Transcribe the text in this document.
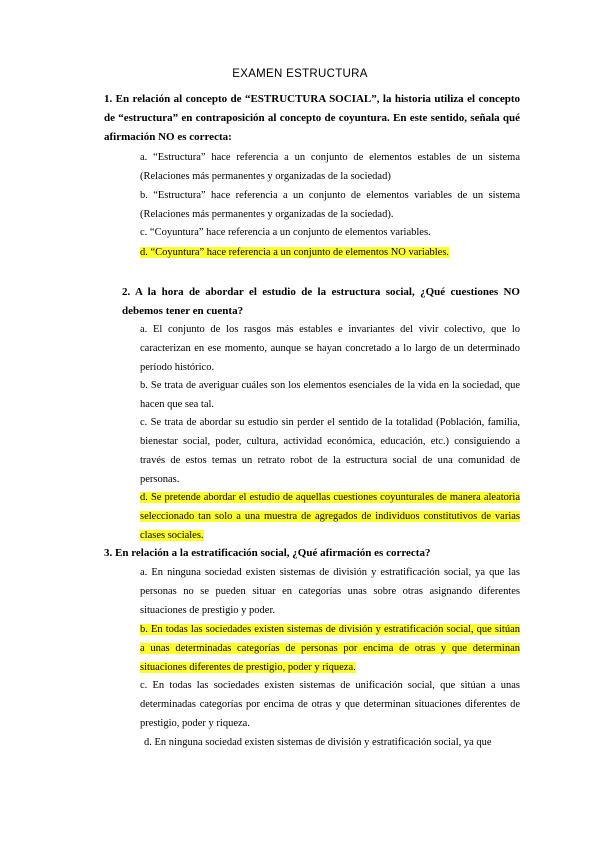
EXAMEN ESTRUCTURA
1. En relación al concepto de “ESTRUCTURA SOCIAL”, la historia utiliza el concepto de “estructura” en contraposición al concepto de coyuntura. En este sentido, señala qué afirmación NO es correcta:
a. “Estructura” hace referencia a un conjunto de elementos estables de un sistema (Relaciones más permanentes y organizadas de la sociedad)
b. “Estructura” hace referencia a un conjunto de elementos variables de un sistema (Relaciones más permanentes y organizadas de la sociedad).
c. “Coyuntura” hace referencia a un conjunto de elementos variables.
d. “Coyuntura” hace referencia a un conjunto de elementos NO variables.
2. A la hora de abordar el estudio de la estructura social, ¿Qué cuestiones NO debemos tener en cuenta?
a. El conjunto de los rasgos más estables e invariantes del vivir colectivo, que lo caracterizan en ese momento, aunque se hayan concretado a lo largo de un determinado período histórico.
b. Se trata de averiguar cuáles son los elementos esenciales de la vida en la sociedad, que hacen que sea tal.
c. Se trata de abordar su estudio sin perder el sentido de la totalidad (Población, familia, bienestar social, poder, cultura, actividad económica, educación, etc.) consiguiendo a través de estos temas un retrato robot de la estructura social de una comunidad de personas.
d. Se pretende abordar el estudio de aquellas cuestiones coyunturales de manera aleatoria seleccionado tan solo a una muestra de agregados de individuos constitutivos de varias clases sociales.
3. En relación a la estratificación social, ¿Qué afirmación es correcta?
a. En ninguna sociedad existen sistemas de división y estratificación social, ya que las personas no se pueden situar en categorías unas sobre otras asignando diferentes situaciones de prestigio y poder.
b. En todas las sociedades existen sistemas de división y estratificación social, que sitúan a unas determinadas categorías de personas por encima de otras y que determinan situaciones diferentes de prestigio, poder y riqueza.
c. En todas las sociedades existen sistemas de unificación social, que sitúan a unas determinadas categorías por encima de otras y que determinan situaciones diferentes de prestigio, poder y riqueza.
d. En ninguna sociedad existen sistemas de división y estratificación social, ya que
